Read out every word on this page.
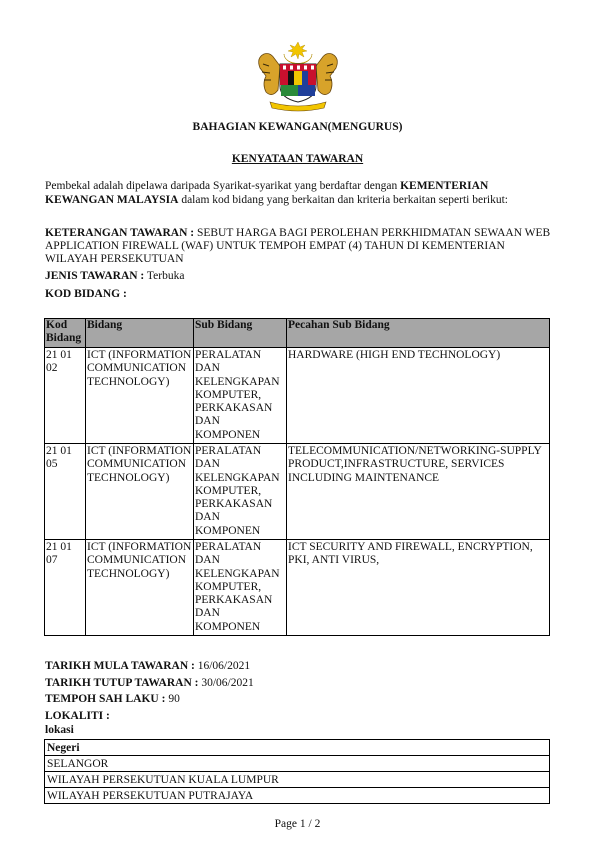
BAHAGIAN KEWANGAN(MENGURUS)
KENYATAAN TAWARAN
Pembekal adalah dipelawa daripada Syarikat-syarikat yang berdaftar dengan KEMENTERIAN KEWANGAN MALAYSIA dalam kod bidang yang berkaitan dan kriteria berkaitan seperti berikut:
KETERANGAN TAWARAN : SEBUT HARGA BAGI PEROLEHAN PERKHIDMATAN SEWAAN WEB APPLICATION FIREWALL (WAF) UNTUK TEMPOH EMPAT (4) TAHUN DI KEMENTERIAN WILAYAH PERSEKUTUAN
JENIS TAWARAN : Terbuka
KOD BIDANG :
Kod Bidang	Bidang	Sub Bidang	Pecahan Sub Bidang
21 01 02	ICT (INFORMATION COMMUNICATION TECHNOLOGY)	PERALATAN DAN KELENGKAPAN KOMPUTER, PERKAKASAN DAN KOMPONEN	HARDWARE (HIGH END TECHNOLOGY)
21 01 05	ICT (INFORMATION COMMUNICATION TECHNOLOGY)	PERALATAN DAN KELENGKAPAN KOMPUTER, PERKAKASAN DAN KOMPONEN	TELECOMMUNICATION/NETWORKING-SUPPLY PRODUCT,INFRASTRUCTURE, SERVICES INCLUDING MAINTENANCE
21 01 07	ICT (INFORMATION COMMUNICATION TECHNOLOGY)	PERALATAN DAN KELENGKAPAN KOMPUTER, PERKAKASAN DAN KOMPONEN	ICT SECURITY AND FIREWALL, ENCRYPTION, PKI, ANTI VIRUS,
TARIKH MULA TAWARAN : 16/06/2021
TARIKH TUTUP TAWARAN : 30/06/2021
TEMPOH SAH LAKU : 90
LOKALITI :
lokasi
Negeri
SELANGOR
WILAYAH PERSEKUTUAN KUALA LUMPUR
WILAYAH PERSEKUTUAN PUTRAJAYA
Page 1 / 2
